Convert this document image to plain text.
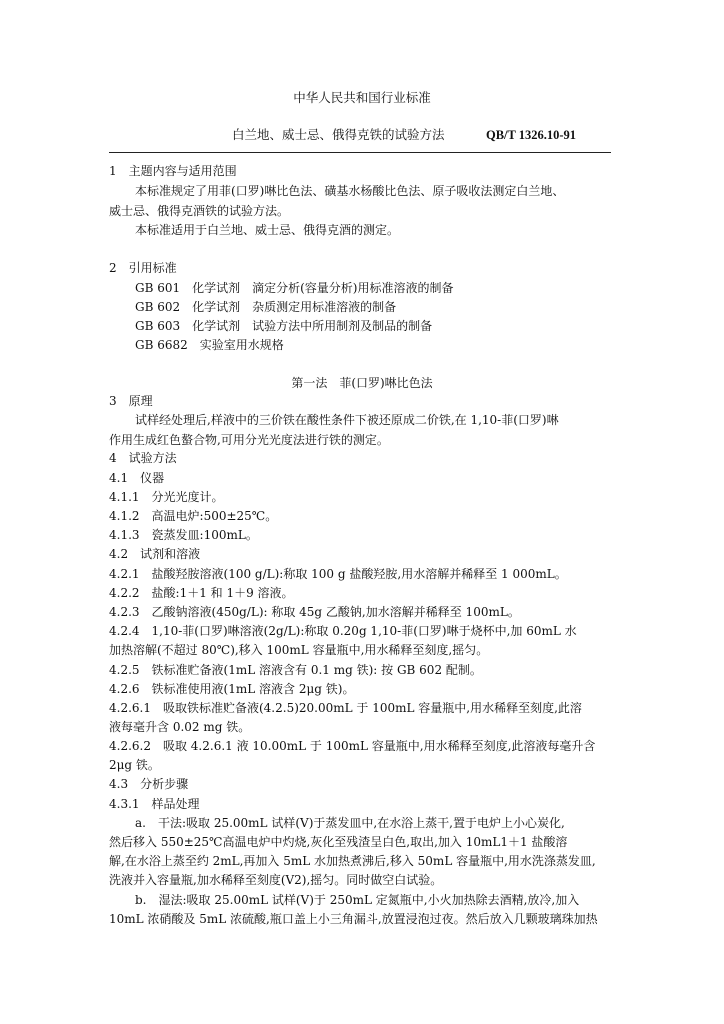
中华人民共和国行业标准
白兰地、威士忌、俄得克铁的试验方法	QB/T 1326.10-91
1　主题内容与适用范围
本标准规定了用菲(口罗)啉比色法、磺基水杨酸比色法、原子吸收法测定白兰地、
威士忌、俄得克酒铁的试验方法。
本标准适用于白兰地、威士忌、俄得克酒的测定。
2　引用标准
GB 601　化学试剂　滴定分析(容量分析)用标准溶液的制备
GB 602　化学试剂　杂质测定用标准溶液的制备
GB 603　化学试剂　试验方法中所用制剂及制品的制备
GB 6682　实验室用水规格
第一法　菲(口罗)啉比色法
3　原理
试样经处理后,样液中的三价铁在酸性条件下被还原成二价铁,在 1,10-菲(口罗)啉
作用生成红色螯合物,可用分光光度法进行铁的测定。
4　试验方法
4.1　仪器
4.1.1　分光光度计。
4.1.2　高温电炉:500±25℃。
4.1.3　瓷蒸发皿:100mL。
4.2　试剂和溶液
4.2.1　盐酸羟胺溶液(100 g/L):称取 100 g 盐酸羟胺,用水溶解并稀释至 1 000mL。
4.2.2　盐酸:1＋1 和 1＋9 溶液。
4.2.3　乙酸钠溶液(450g/L): 称取 45g 乙酸钠,加水溶解并稀释至 100mL。
4.2.4　1,10-菲(口罗)啉溶液(2g/L):称取 0.20g 1,10-菲(口罗)啉于烧杯中,加 60mL 水
加热溶解(不超过 80℃),移入 100mL 容量瓶中,用水稀释至刻度,摇匀。
4.2.5　铁标准贮备液(1mL 溶液含有 0.1 mg 铁): 按 GB 602 配制。
4.2.6　铁标准使用液(1mL 溶液含 2μg 铁)。
4.2.6.1　吸取铁标准贮备液(4.2.5)20.00mL 于 100mL 容量瓶中,用水稀释至刻度,此溶
液每毫升含 0.02 mg 铁。
4.2.6.2　吸取 4.2.6.1 液 10.00mL 于 100mL 容量瓶中,用水稀释至刻度,此溶液每毫升含
2μg 铁。
4.3　分析步骤
4.3.1　样品处理
a.　干法:吸取 25.00mL 试样(V)于蒸发皿中,在水浴上蒸干,置于电炉上小心炭化,
然后移入 550±25℃高温电炉中灼烧,灰化至残渣呈白色,取出,加入 10mL1＋1 盐酸溶
解,在水浴上蒸至约 2mL,再加入 5mL 水加热煮沸后,移入 50mL 容量瓶中,用水洗涤蒸发皿,
洗液并入容量瓶,加水稀释至刻度(V2),摇匀。同时做空白试验。
b.　湿法:吸取 25.00mL 试样(V)于 250mL 定氮瓶中,小火加热除去酒精,放冷,加入
10mL 浓硝酸及 5mL 浓硫酸,瓶口盖上小三角漏斗,放置浸泡过夜。然后放入几颗玻璃珠加热
